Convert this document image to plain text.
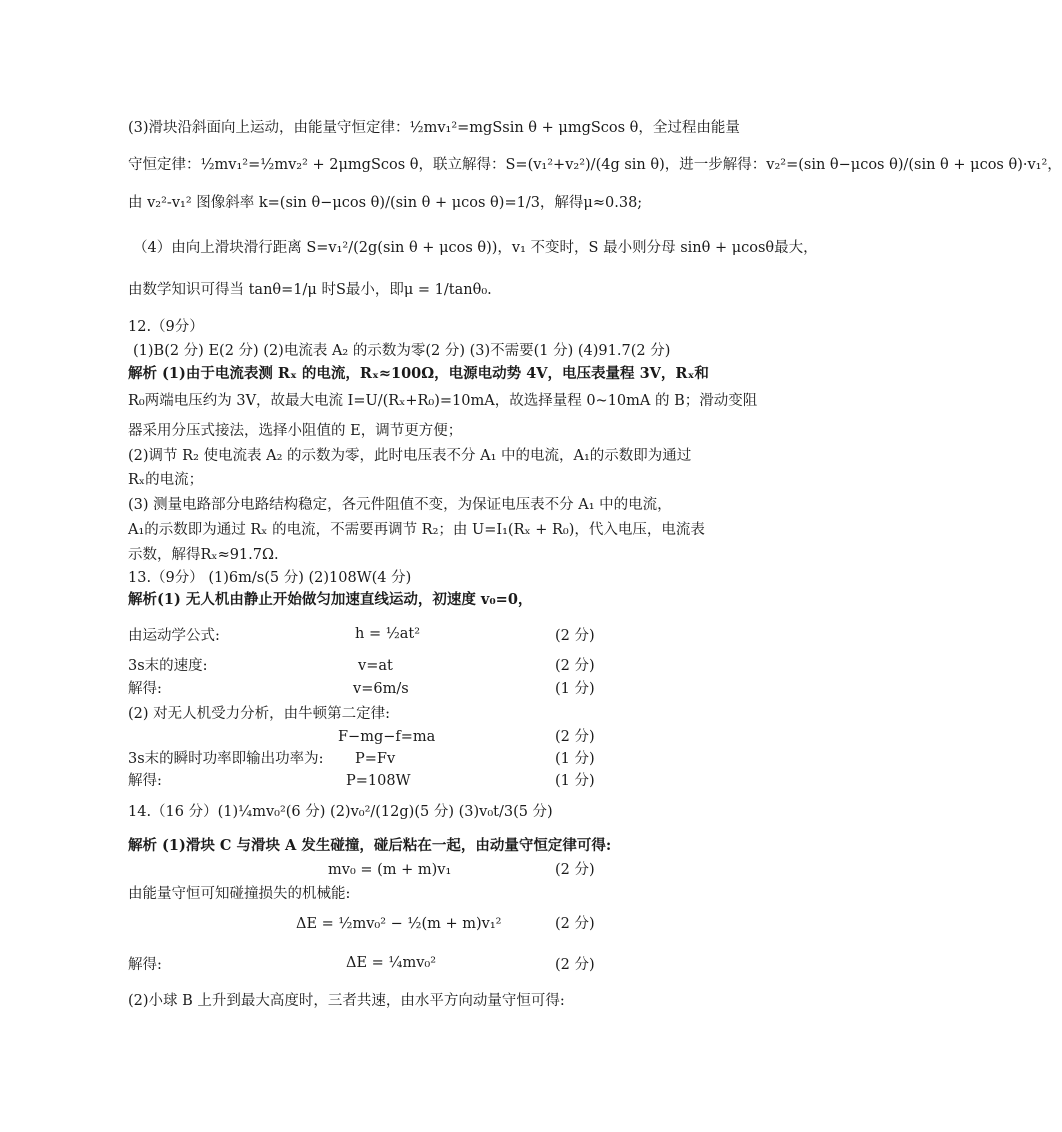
(3)滑块沿斜面向上运动，由能量守恒定律：½mv₁²=mgSsin θ + μmgScos θ，全过程由能量
守恒定律：½mv₁²=½mv₂² + 2μmgScos θ，联立解得：S=(v₁²+v₂²)/(4g sin θ)，进一步解得：v₂²=(sin θ−μcos θ)/(sin θ + μcos θ)·v₁²，
由 v₂²-v₁² 图像斜率 k=(sin θ−μcos θ)/(sin θ + μcos θ)=1/3，解得μ≈0.38;
（4）由向上滑块滑行距离 S=v₁²/(2g(sin θ + μcos θ))，v₁ 不变时，S 最小则分母 sinθ + μcosθ最大，
由数学知识可得当 tanθ=1/μ 时S最小，即μ = 1/tanθ₀.
12.（9分）
(1)B(2 分) E(2 分) (2)电流表 A₂ 的示数为零(2 分) (3)不需要(1 分) (4)91.7(2 分)
解析 (1)由于电流表测 Rₓ 的电流，Rₓ≈100Ω，电源电动势 4V，电压表量程 3V，Rₓ和
R₀两端电压约为 3V，故最大电流 I=U/(Rₓ+R₀)=10mA，故选择量程 0~10mA 的 B；滑动变阻
器采用分压式接法，选择小阻值的 E，调节更方便；
(2)调节 R₂ 使电流表 A₂ 的示数为零，此时电压表不分 A₁ 中的电流，A₁的示数即为通过
Rₓ的电流；
(3) 测量电路部分电路结构稳定，各元件阻值不变，为保证电压表不分 A₁ 中的电流，
A₁的示数即为通过 Rₓ 的电流，不需要再调节 R₂；由 U=I₁(Rₓ + R₀)，代入电压，电流表
示数，解得Rₓ≈91.7Ω.
13.（9分） (1)6m/s(5 分) (2)108W(4 分)
解析(1) 无人机由静止开始做匀加速直线运动，初速度 v₀=0，
由运动学公式:	h = ½at²	(2 分)
3s末的速度:	v=at	(2 分)
解得:	v=6m/s	(1 分)
(2) 对无人机受力分析，由牛顿第二定律:
F−mg−f=ma	(2 分)
3s末的瞬时功率即输出功率为: P=Fv	(1 分)
解得:	P=108W	(1 分)
14.（16 分）(1)¼mv₀²(6 分) (2)v₀²/(12g)(5 分) (3)v₀t/3(5 分)
解析 (1)滑块 C 与滑块 A 发生碰撞，碰后粘在一起，由动量守恒定律可得:
mv₀ = (m + m)v₁	(2 分)
由能量守恒可知碰撞损失的机械能:
ΔE = ½mv₀² − ½(m + m)v₁²	(2 分)
解得:	ΔE = ¼mv₀²	(2 分)
(2)小球 B 上升到最大高度时，三者共速，由水平方向动量守恒可得:
